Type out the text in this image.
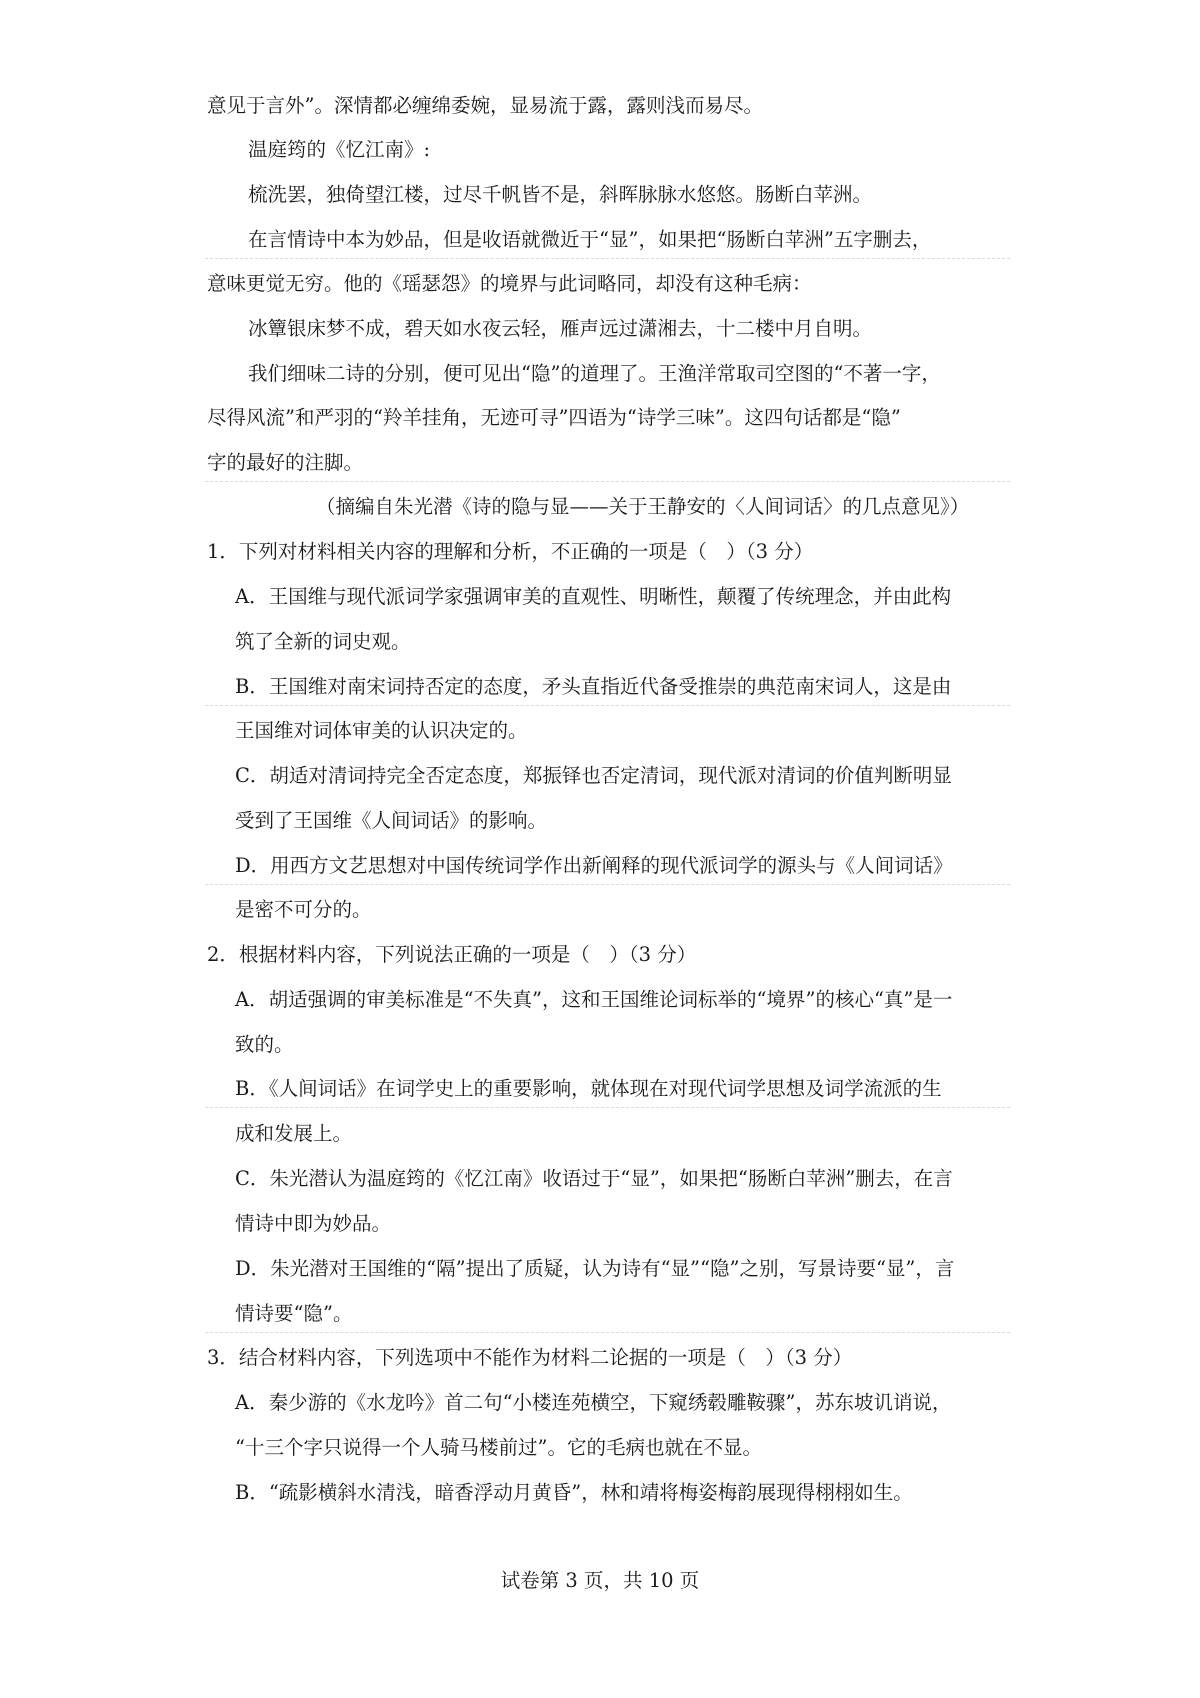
意见于言外”。深情都必缠绵委婉，显易流于露，露则浅而易尽。
温庭筠的《忆江南》:
梳洗罢，独倚望江楼，过尽千帆皆不是，斜晖脉脉水悠悠。肠断白苹洲。
在言情诗中本为妙品，但是收语就微近于“显”，如果把“肠断白苹洲”五字删去，
意味更觉无穷。他的《瑶瑟怨》的境界与此词略同，却没有这种毛病：
冰簟银床梦不成，碧天如水夜云轻，雁声远过潇湘去，十二楼中月自明。
我们细味二诗的分别，便可见出“隐”的道理了。王渔洋常取司空图的“不著一字，
尽得风流”和严羽的“羚羊挂角，无迹可寻”四语为“诗学三味”。这四句话都是“隐”
字的最好的注脚。
（摘编自朱光潜《诗的隐与显——关于王静安的〈人间词话〉的几点意见》）
1．下列对材料相关内容的理解和分析，不正确的一项是（　）（3 分）
A．王国维与现代派词学家强调审美的直观性、明晰性，颠覆了传统理念，并由此构
筑了全新的词史观。
B．王国维对南宋词持否定的态度，矛头直指近代备受推崇的典范南宋词人，这是由
王国维对词体审美的认识决定的。
C．胡适对清词持完全否定态度，郑振铎也否定清词，现代派对清词的价值判断明显
受到了王国维《人间词话》的影响。
D．用西方文艺思想对中国传统词学作出新阐释的现代派词学的源头与《人间词话》
是密不可分的。
2．根据材料内容，下列说法正确的一项是（　）（3 分）
A．胡适强调的审美标准是“不失真”，这和王国维论词标举的“境界”的核心“真”是一
致的。
B．《人间词话》在词学史上的重要影响，就体现在对现代词学思想及词学流派的生
成和发展上。
C．朱光潜认为温庭筠的《忆江南》收语过于“显”，如果把“肠断白苹洲”删去，在言
情诗中即为妙品。
D．朱光潜对王国维的“隔”提出了质疑，认为诗有“显”“隐”之别，写景诗要“显”，言
情诗要“隐”。
3．结合材料内容，下列选项中不能作为材料二论据的一项是（　）（3 分）
A．秦少游的《水龙吟》首二句“小楼连苑横空，下窥绣毂雕鞍骤”，苏东坡讥诮说，
“十三个字只说得一个人骑马楼前过”。它的毛病也就在不显。
B．“疏影横斜水清浅，暗香浮动月黄昏”，林和靖将梅姿梅韵展现得栩栩如生。
试卷第 3 页，共 10 页
